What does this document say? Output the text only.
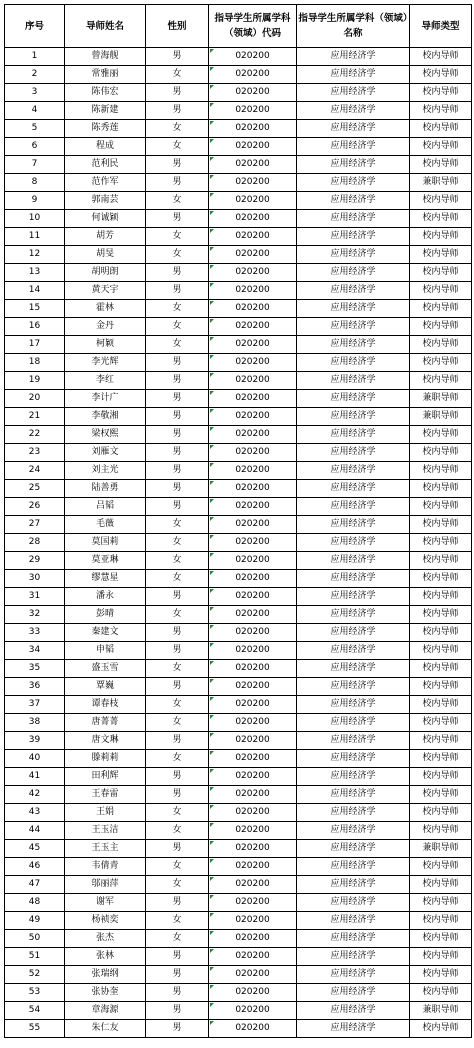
序号	导师姓名	性别	指导学生所属学科（领域）代码	指导学生所属学科（领域）名称	导师类型
1	曾海舰	男	020200	应用经济学	校内导师
2	常雅丽	女	020200	应用经济学	校内导师
3	陈伟宏	男	020200	应用经济学	校内导师
4	陈新建	男	020200	应用经济学	校内导师
5	陈秀莲	女	020200	应用经济学	校内导师
6	程成	女	020200	应用经济学	校内导师
7	范利民	男	020200	应用经济学	校内导师
8	范作军	男	020200	应用经济学	兼职导师
9	郭南芸	女	020200	应用经济学	校内导师
10	何诚颖	男	020200	应用经济学	校内导师
11	胡芳	女	020200	应用经济学	校内导师
12	胡旻	女	020200	应用经济学	校内导师
13	胡明朗	男	020200	应用经济学	校内导师
14	黄天宇	男	020200	应用经济学	校内导师
15	霍林	女	020200	应用经济学	校内导师
16	金丹	女	020200	应用经济学	校内导师
17	柯颖	女	020200	应用经济学	校内导师
18	李光辉	男	020200	应用经济学	校内导师
19	李红	男	020200	应用经济学	校内导师
20	李计广	男	020200	应用经济学	兼职导师
21	李敬湘	男	020200	应用经济学	兼职导师
22	梁权熙	男	020200	应用经济学	校内导师
23	刘雁文	男	020200	应用经济学	校内导师
24	刘主光	男	020200	应用经济学	校内导师
25	陆善勇	男	020200	应用经济学	校内导师
26	吕韬	男	020200	应用经济学	校内导师
27	毛薇	女	020200	应用经济学	校内导师
28	莫国莉	女	020200	应用经济学	校内导师
29	莫亚琳	女	020200	应用经济学	校内导师
30	缪慧星	女	020200	应用经济学	校内导师
31	潘永	男	020200	应用经济学	校内导师
32	彭晴	女	020200	应用经济学	校内导师
33	秦建文	男	020200	应用经济学	校内导师
34	申韬	男	020200	应用经济学	校内导师
35	盛玉雪	女	020200	应用经济学	校内导师
36	覃巍	男	020200	应用经济学	校内导师
37	谭春枝	女	020200	应用经济学	校内导师
38	唐菁菁	女	020200	应用经济学	校内导师
39	唐文琳	男	020200	应用经济学	校内导师
40	滕莉莉	女	020200	应用经济学	校内导师
41	田利辉	男	020200	应用经济学	校内导师
42	王春雷	男	020200	应用经济学	校内导师
43	王娟	女	020200	应用经济学	校内导师
44	王玉洁	女	020200	应用经济学	校内导师
45	王玉主	男	020200	应用经济学	兼职导师
46	韦倩青	女	020200	应用经济学	校内导师
47	邬丽萍	女	020200	应用经济学	校内导师
48	谢军	男	020200	应用经济学	校内导师
49	杨祯奕	女	020200	应用经济学	校内导师
50	张杰	女	020200	应用经济学	校内导师
51	张林	男	020200	应用经济学	校内导师
52	张瑞纲	男	020200	应用经济学	校内导师
53	张协奎	男	020200	应用经济学	校内导师
54	章海源	男	020200	应用经济学	兼职导师
55	朱仁友	男	020200	应用经济学	校内导师
